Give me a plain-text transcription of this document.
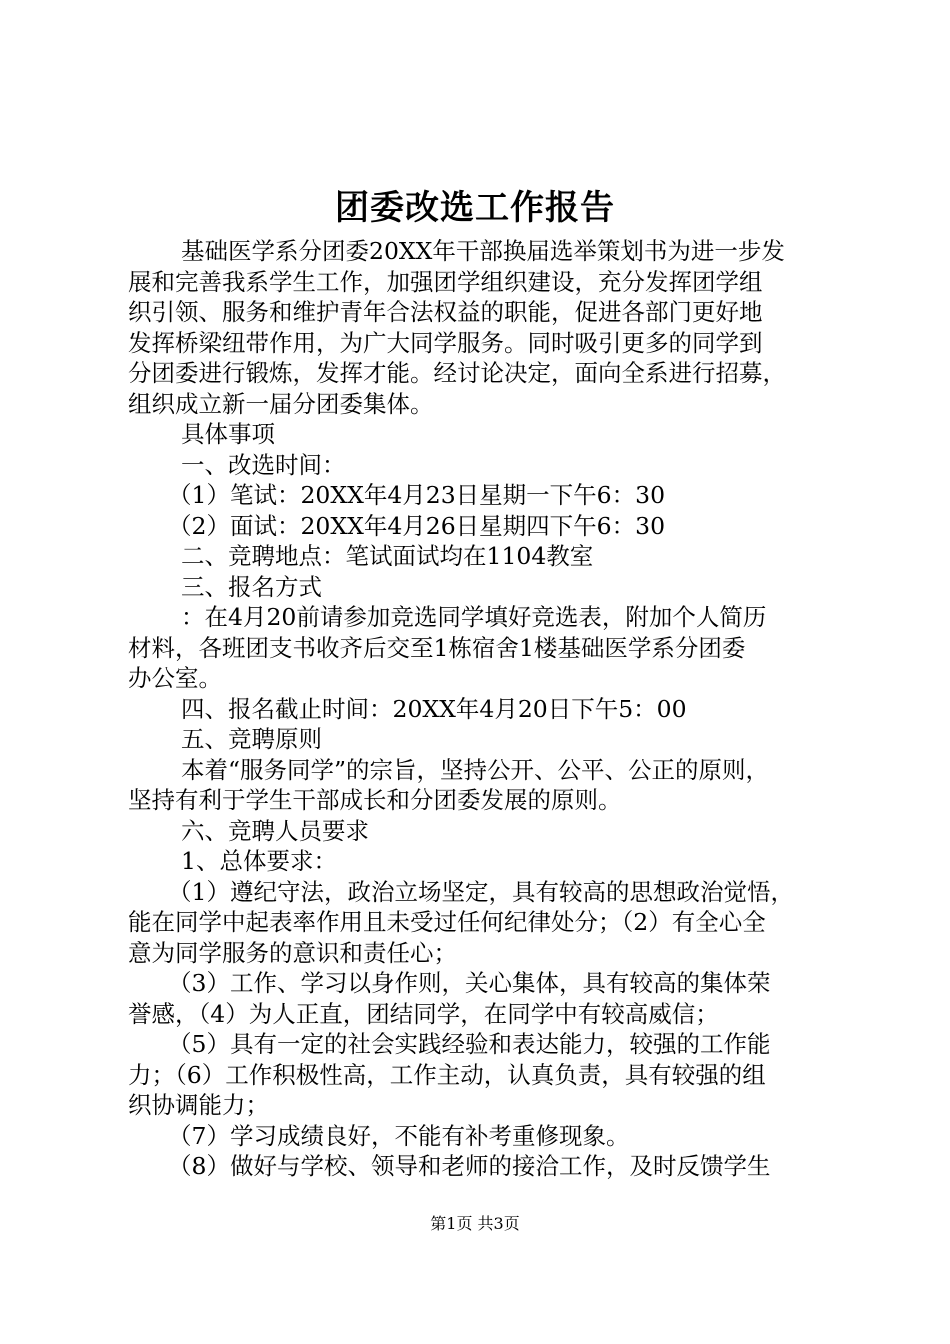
团委改选工作报告
基础医学系分团委20XX年干部换届选举策划书为进一步发
展和完善我系学生工作，加强团学组织建设，充分发挥团学组
织引领、服务和维护青年合法权益的职能，促进各部门更好地
发挥桥梁纽带作用，为广大同学服务。同时吸引更多的同学到
分团委进行锻炼，发挥才能。经讨论决定，面向全系进行招募，
组织成立新一届分团委集体。
具体事项
一、改选时间：
（1）笔试：20XX年4月23日星期一下午6：30
（2）面试：20XX年4月26日星期四下午6：30
二、竞聘地点：笔试面试均在1104教室
三、报名方式
：在4月20前请参加竞选同学填好竞选表，附加个人简历
材料，各班团支书收齐后交至1栋宿舍1楼基础医学系分团委
办公室。
四、报名截止时间：20XX年4月20日下午5：00
五、竞聘原则
本着“服务同学”的宗旨，坚持公开、公平、公正的原则，
坚持有利于学生干部成长和分团委发展的原则。
六、竞聘人员要求
1、总体要求：
（1）遵纪守法，政治立场坚定，具有较高的思想政治觉悟，
能在同学中起表率作用且未受过任何纪律处分；（2）有全心全
意为同学服务的意识和责任心；
（3）工作、学习以身作则，关心集体，具有较高的集体荣
誉感，（4）为人正直，团结同学，在同学中有较高威信；
（5）具有一定的社会实践经验和表达能力，较强的工作能
力；（6）工作积极性高，工作主动，认真负责，具有较强的组
织协调能力；
（7）学习成绩良好，不能有补考重修现象。
（8）做好与学校、领导和老师的接洽工作，及时反馈学生
第1页 共3页
